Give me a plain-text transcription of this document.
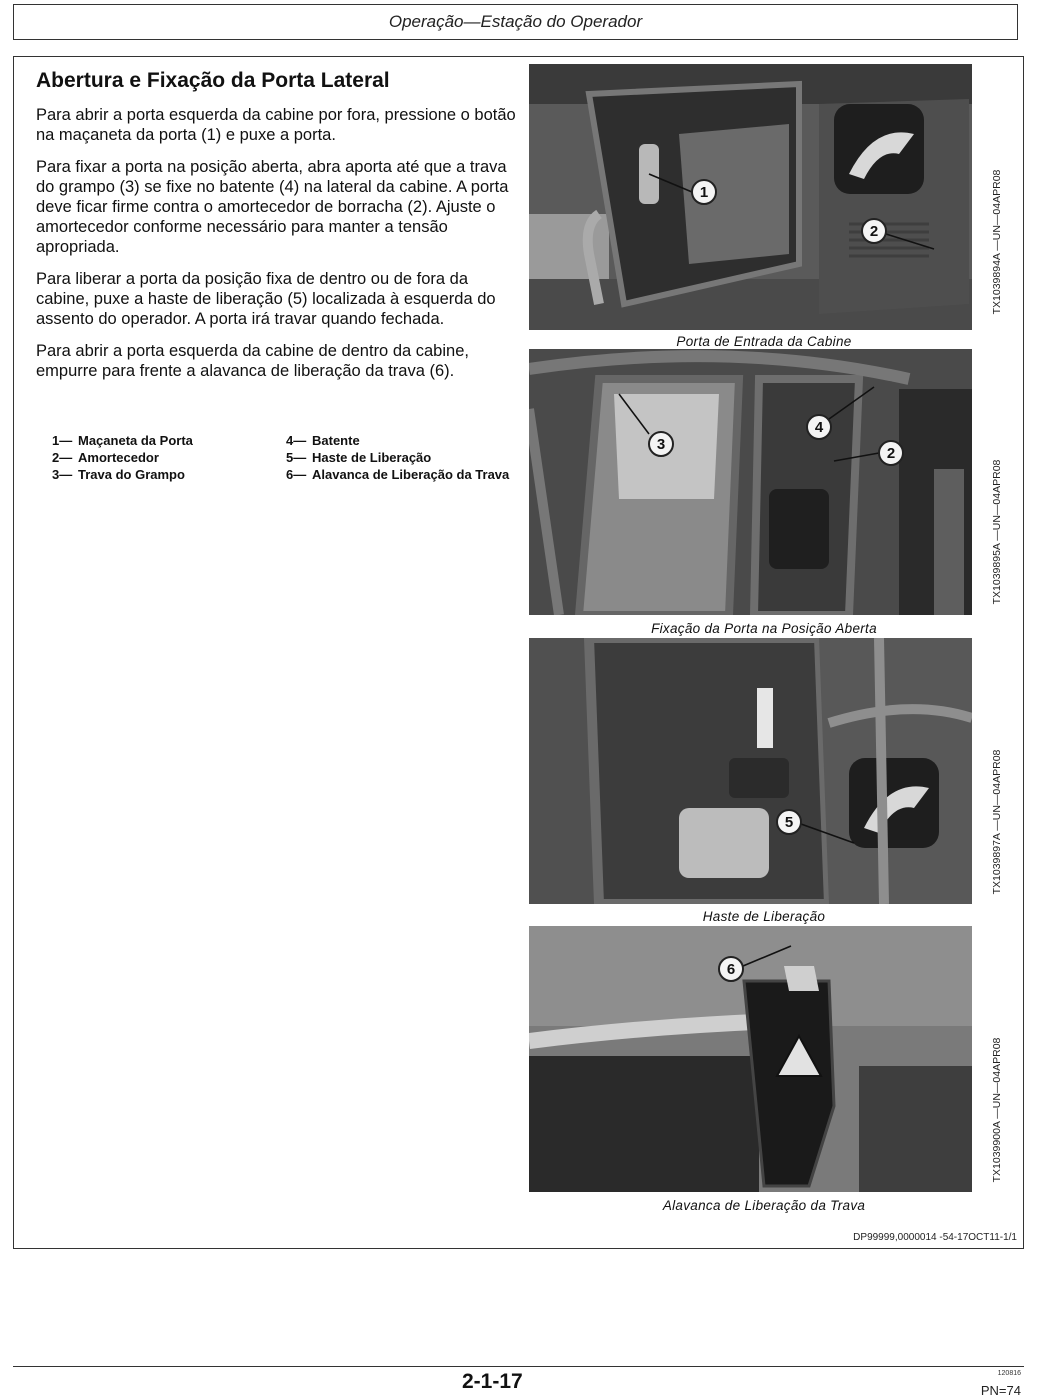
Operação—Estação do Operador
Abertura e Fixação da Porta Lateral

Para abrir a porta esquerda da cabine por fora, pressione o botão na maçaneta da porta (1) e puxe a porta.

Para fixar a porta na posição aberta, abra aporta até que a trava do grampo (3) se fixe no batente (4) na lateral da cabine. A porta deve ficar firme contra o amortecedor de borracha (2). Ajuste o amortecedor conforme necessário para manter a tensão apropriada.

Para liberar a porta da posição fixa de dentro ou de fora da cabine, puxe a haste de liberação (5) localizada à esquerda do assento do operador. A porta irá travar quando fechada.

Para abrir a porta esquerda da cabine de dentro da cabine, empurre para frente a alavanca de liberação da trava (6).

1— Maçaneta da Porta
2— Amortecedor
3— Trava do Grampo
4— Batente
5— Haste de Liberação
6— Alavanca de Liberação da Trava
1
2
Porta de Entrada da Cabine
TX1039894A —UN—04APR08
3
4
2
Fixação da Porta na Posição Aberta
TX1039895A —UN—04APR08
5
Haste de Liberação
TX1039897A —UN—04APR08
6
Alavanca de Liberação da Trava
TX1039900A —UN—04APR08
DP99999,0000014 -54-17OCT11-1/1
2-1-17	120816
PN=74
